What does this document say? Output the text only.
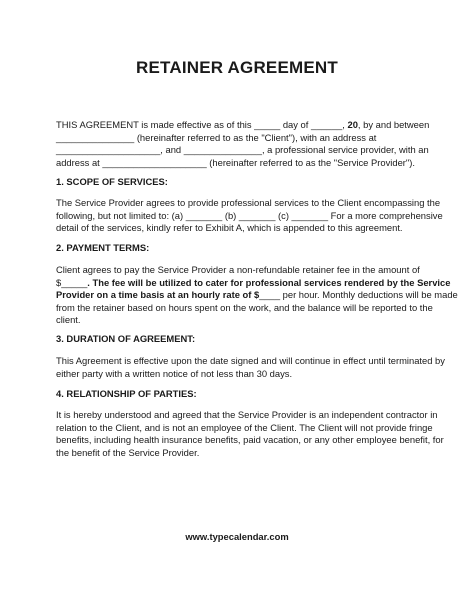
RETAINER AGREEMENT
THIS AGREEMENT is made effective as of this _____ day of ______, 20, by and between
_______________ (hereinafter referred to as the "Client"), with an address at
____________________, and _______________, a professional service provider, with an
address at ____________________ (hereinafter referred to as the "Service Provider").
1. SCOPE OF SERVICES:
The Service Provider agrees to provide professional services to the Client encompassing the
following, but not limited to: (a) _______ (b) _______ (c) _______ For a more comprehensive
detail of the services, kindly refer to Exhibit A, which is appended to this agreement.
2. PAYMENT TERMS:
Client agrees to pay the Service Provider a non-refundable retainer fee in the amount of
$_____. The fee will be utilized to cater for professional services rendered by the Service
Provider on a time basis at an hourly rate of $____ per hour. Monthly deductions will be made
from the retainer based on hours spent on the work, and the balance will be reported to the
client.
3. DURATION OF AGREEMENT:
This Agreement is effective upon the date signed and will continue in effect until terminated by
either party with a written notice of not less than 30 days.
4. RELATIONSHIP OF PARTIES:
It is hereby understood and agreed that the Service Provider is an independent contractor in
relation to the Client, and is not an employee of the Client. The Client will not provide fringe
benefits, including health insurance benefits, paid vacation, or any other employee benefit, for
the benefit of the Service Provider.
www.typecalendar.com
